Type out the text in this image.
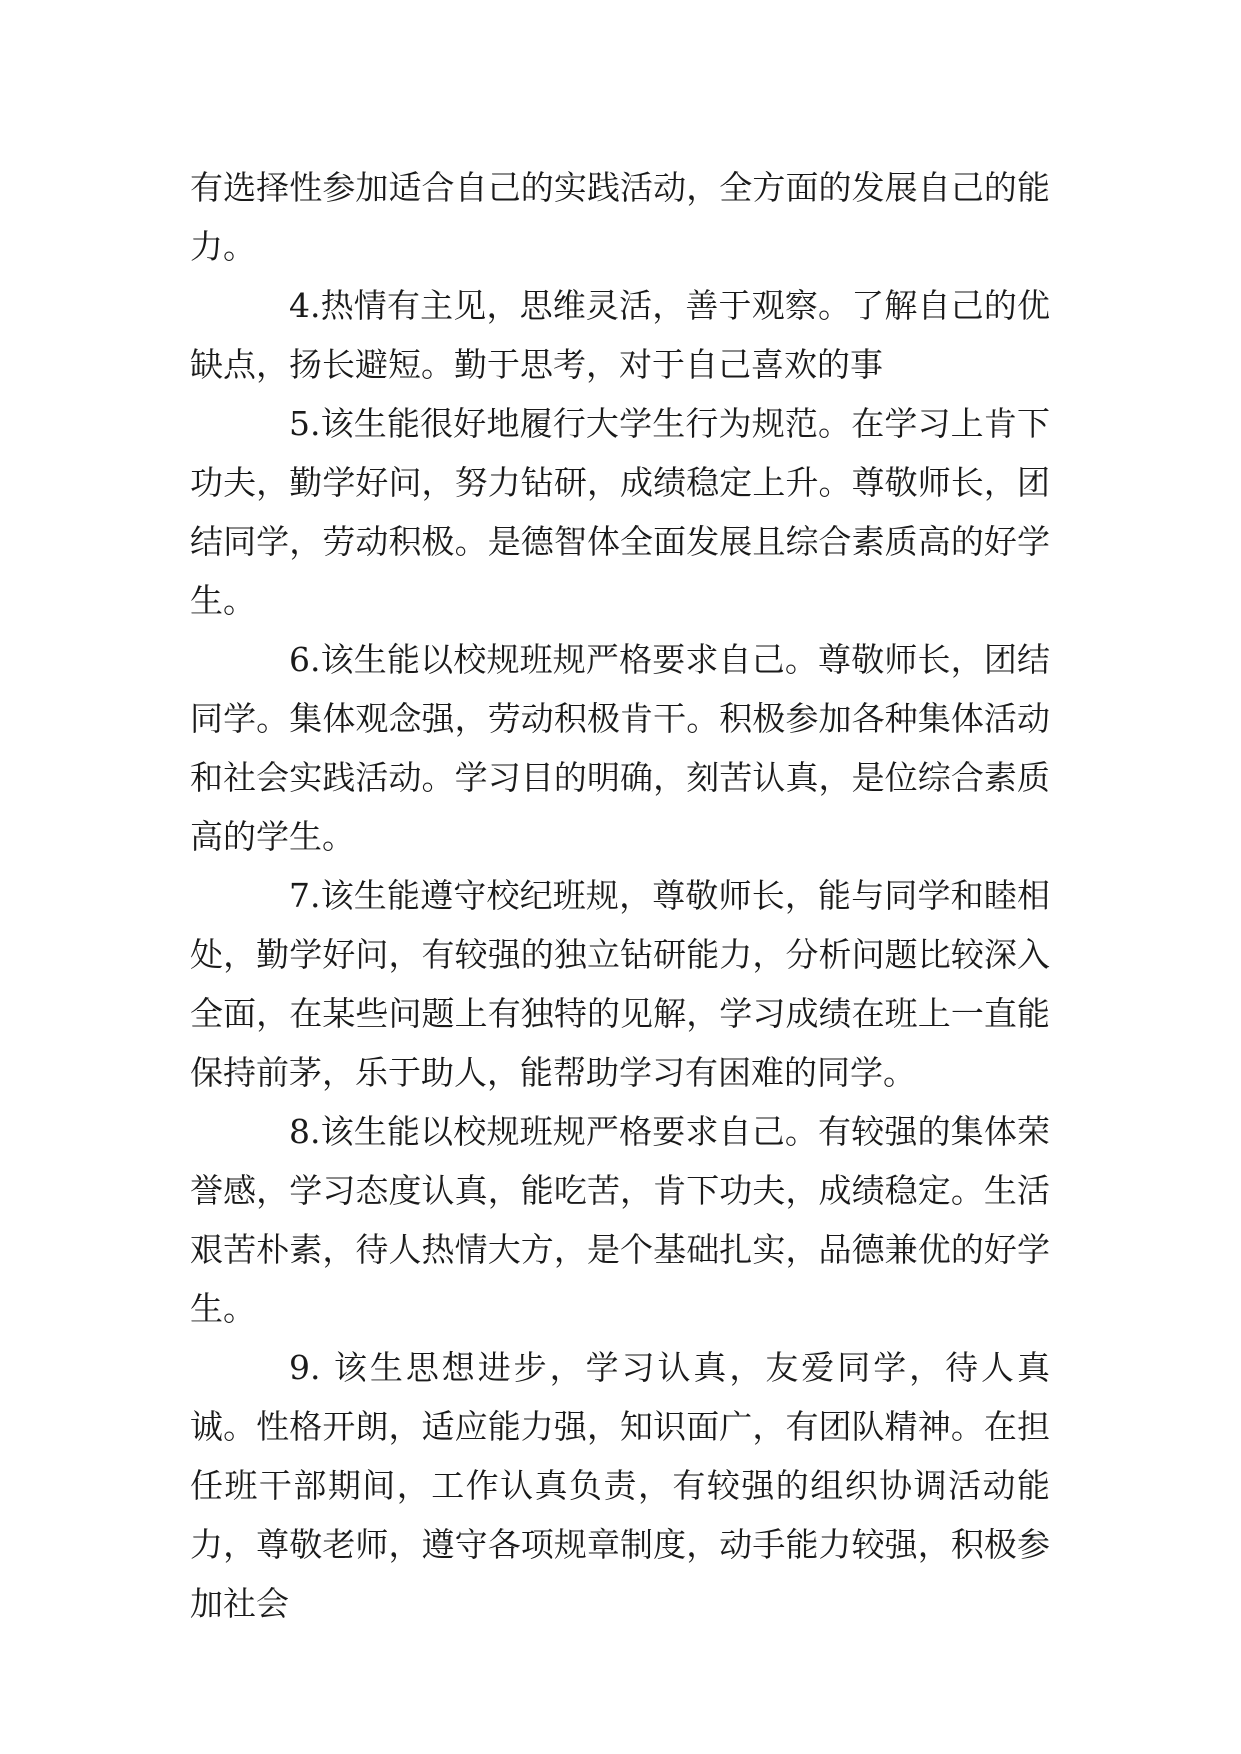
有选择性参加适合自己的实践活动，全方面的发展自己的能力。

4.热情有主见，思维灵活，善于观察。了解自己的优缺点，扬长避短。勤于思考，对于自己喜欢的事

5.该生能很好地履行大学生行为规范。在学习上肯下功夫，勤学好问，努力钻研，成绩稳定上升。尊敬师长，团结同学，劳动积极。是德智体全面发展且综合素质高的好学生。

6.该生能以校规班规严格要求自己。尊敬师长，团结同学。集体观念强，劳动积极肯干。积极参加各种集体活动和社会实践活动。学习目的明确，刻苦认真，是位综合素质高的学生。

7.该生能遵守校纪班规，尊敬师长，能与同学和睦相处，勤学好问，有较强的独立钻研能力，分析问题比较深入全面，在某些问题上有独特的见解，学习成绩在班上一直能保持前茅，乐于助人，能帮助学习有困难的同学。

8.该生能以校规班规严格要求自己。有较强的集体荣誉感，学习态度认真，能吃苦，肯下功夫，成绩稳定。生活艰苦朴素，待人热情大方，是个基础扎实，品德兼优的好学生。

9. 该生思想进步，学习认真，友爱同学，待人真诚。性格开朗，适应能力强，知识面广，有团队精神。在担任班干部期间，工作认真负责，有较强的组织协调活动能力，尊敬老师，遵守各项规章制度，动手能力较强，积极参加社会
